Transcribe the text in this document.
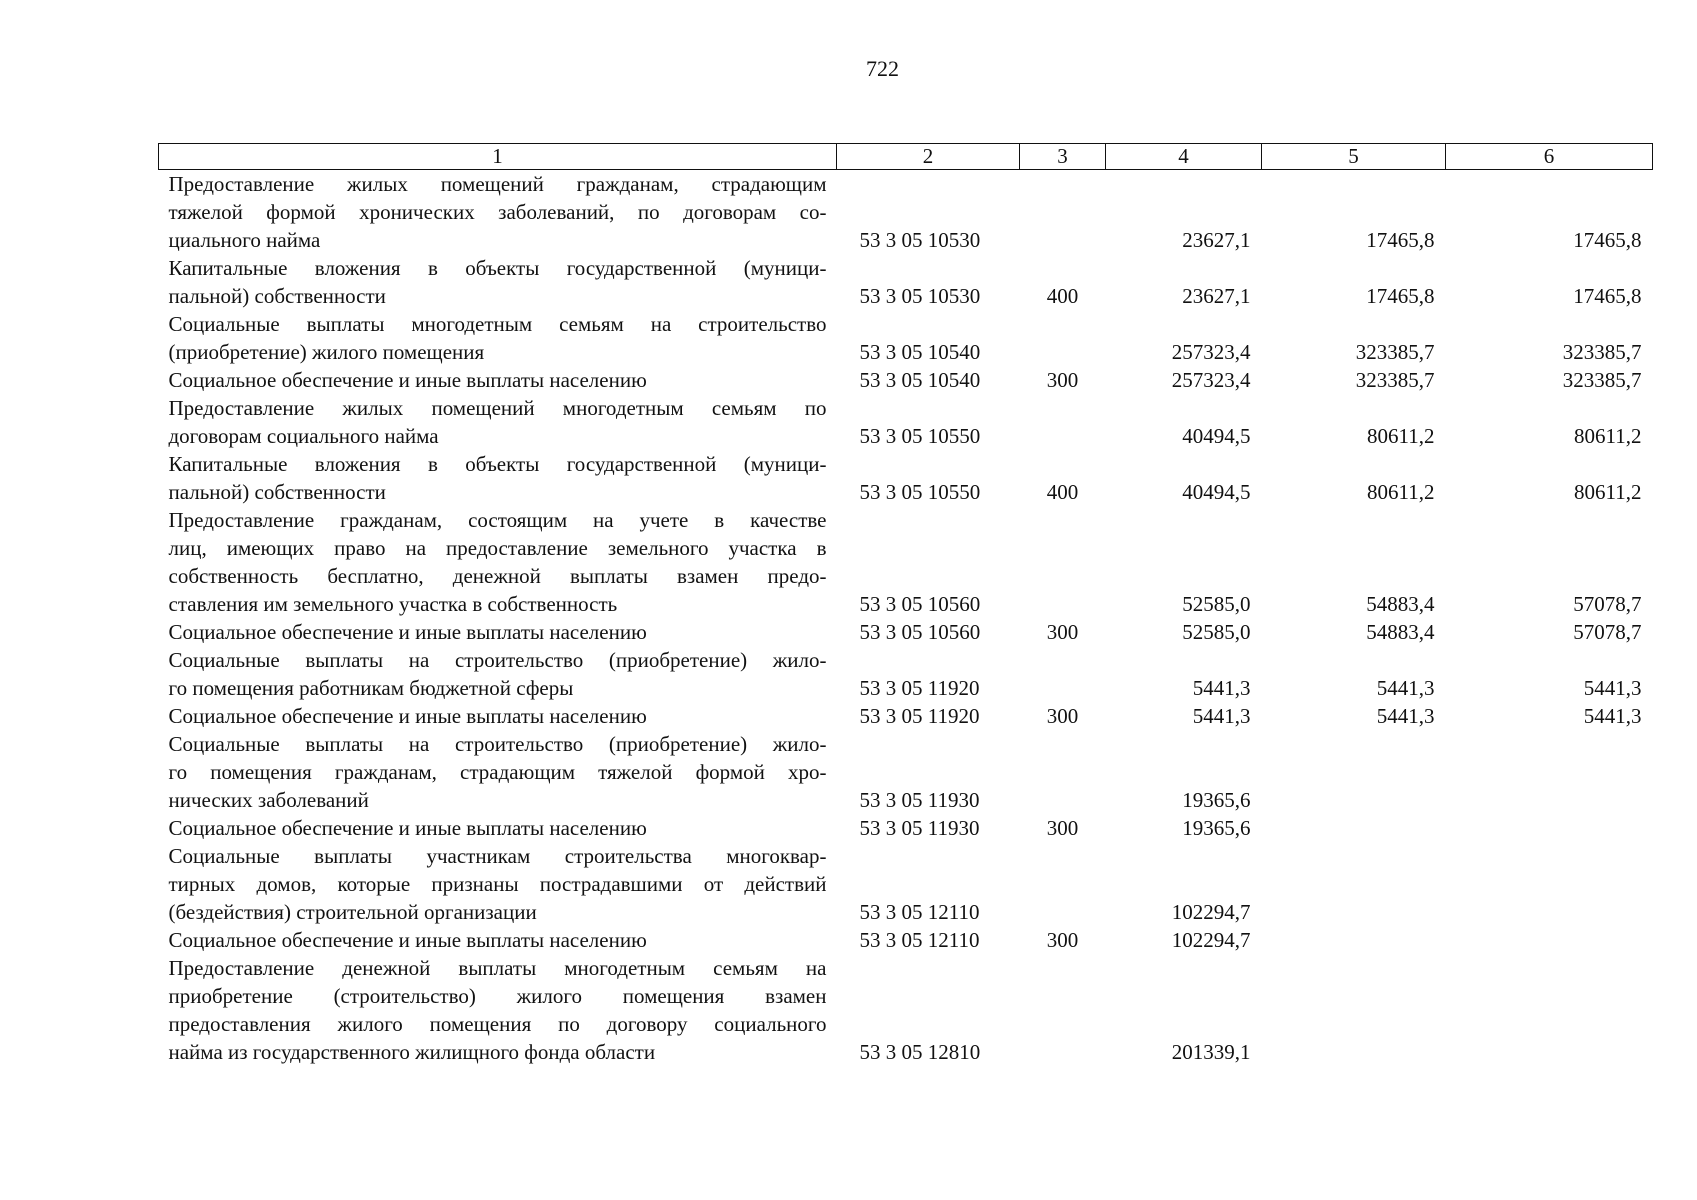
722
1	2	3	4	5	6

Предоставление жилых помещений гражданам, страдающим
тяжелой формой хронических заболеваний, по договорам со-
циального найма	53 3 05 10530		23627,1	17465,8	17465,8

Капитальные вложения в объекты государственной (муници-
пальной) собственности	53 3 05 10530	400	23627,1	17465,8	17465,8

Социальные выплаты многодетным семьям на строительство
(приобретение) жилого помещения	53 3 05 10540		257323,4	323385,7	323385,7

Социальное обеспечение и иные выплаты населению	53 3 05 10540	300	257323,4	323385,7	323385,7

Предоставление жилых помещений многодетным семьям по
договорам социального найма	53 3 05 10550		40494,5	80611,2	80611,2

Капитальные вложения в объекты государственной (муници-
пальной) собственности	53 3 05 10550	400	40494,5	80611,2	80611,2

Предоставление гражданам, состоящим на учете в качестве
лиц, имеющих право на предоставление земельного участка в
собственность бесплатно, денежной выплаты взамен предо-
ставления им земельного участка в собственность	53 3 05 10560		52585,0	54883,4	57078,7

Социальное обеспечение и иные выплаты населению	53 3 05 10560	300	52585,0	54883,4	57078,7

Социальные выплаты на строительство (приобретение) жило-
го помещения работникам бюджетной сферы	53 3 05 11920		5441,3	5441,3	5441,3

Социальное обеспечение и иные выплаты населению	53 3 05 11920	300	5441,3	5441,3	5441,3

Социальные выплаты на строительство (приобретение) жило-
го помещения гражданам, страдающим тяжелой формой хро-
нических заболеваний	53 3 05 11930		19365,6		

Социальное обеспечение и иные выплаты населению	53 3 05 11930	300	19365,6		

Социальные выплаты участникам строительства многоквар-
тирных домов, которые признаны пострадавшими от действий
(бездействия) строительной организации	53 3 05 12110		102294,7		

Социальное обеспечение и иные выплаты населению	53 3 05 12110	300	102294,7		

Предоставление денежной выплаты многодетным семьям на
приобретение (строительство) жилого помещения взамен
предоставления жилого помещения по договору социального
найма из государственного жилищного фонда области	53 3 05 12810		201339,1		
